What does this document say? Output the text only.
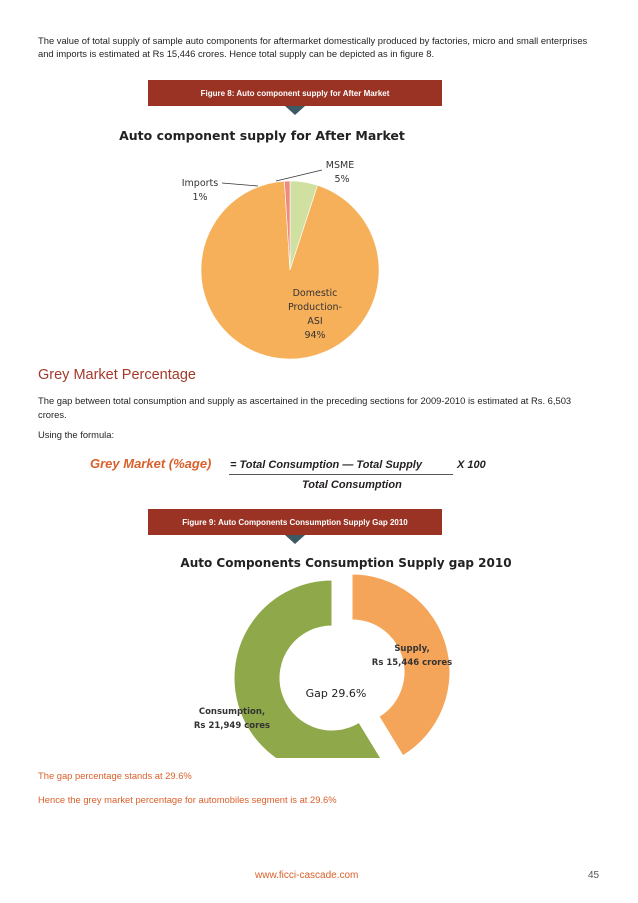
The value of total supply of sample auto components for aftermarket domestically produced by factories, micro and small enterprises

and imports is estimated at Rs 15,446 crores. Hence total supply can be depicted as in figure 8.

Figure 8: Auto component supply for After Market
Auto component supply for After Market
MSME
5%
Imports
1%
Domestic
Production-
ASI
94%
Grey Market Percentage

The gap between total consumption and supply as ascertained in the preceding sections for 2009-2010 is estimated at Rs. 6,503

crores.

Using the formula:

Grey Market (%age) = Total Consumption — Total Supply	X 100
Total Consumption
Figure 9: Auto Components Consumption Supply Gap 2010
Auto Components Consumption Supply gap 2010
Gap 29.6%
Supply,
Rs 15,446 crores
Consumption,
Rs 21,949 cores

The gap percentage stands at 29.6%

Hence the grey market percentage for automobiles segment is at 29.6%

www.ficci-cascade.com	45
